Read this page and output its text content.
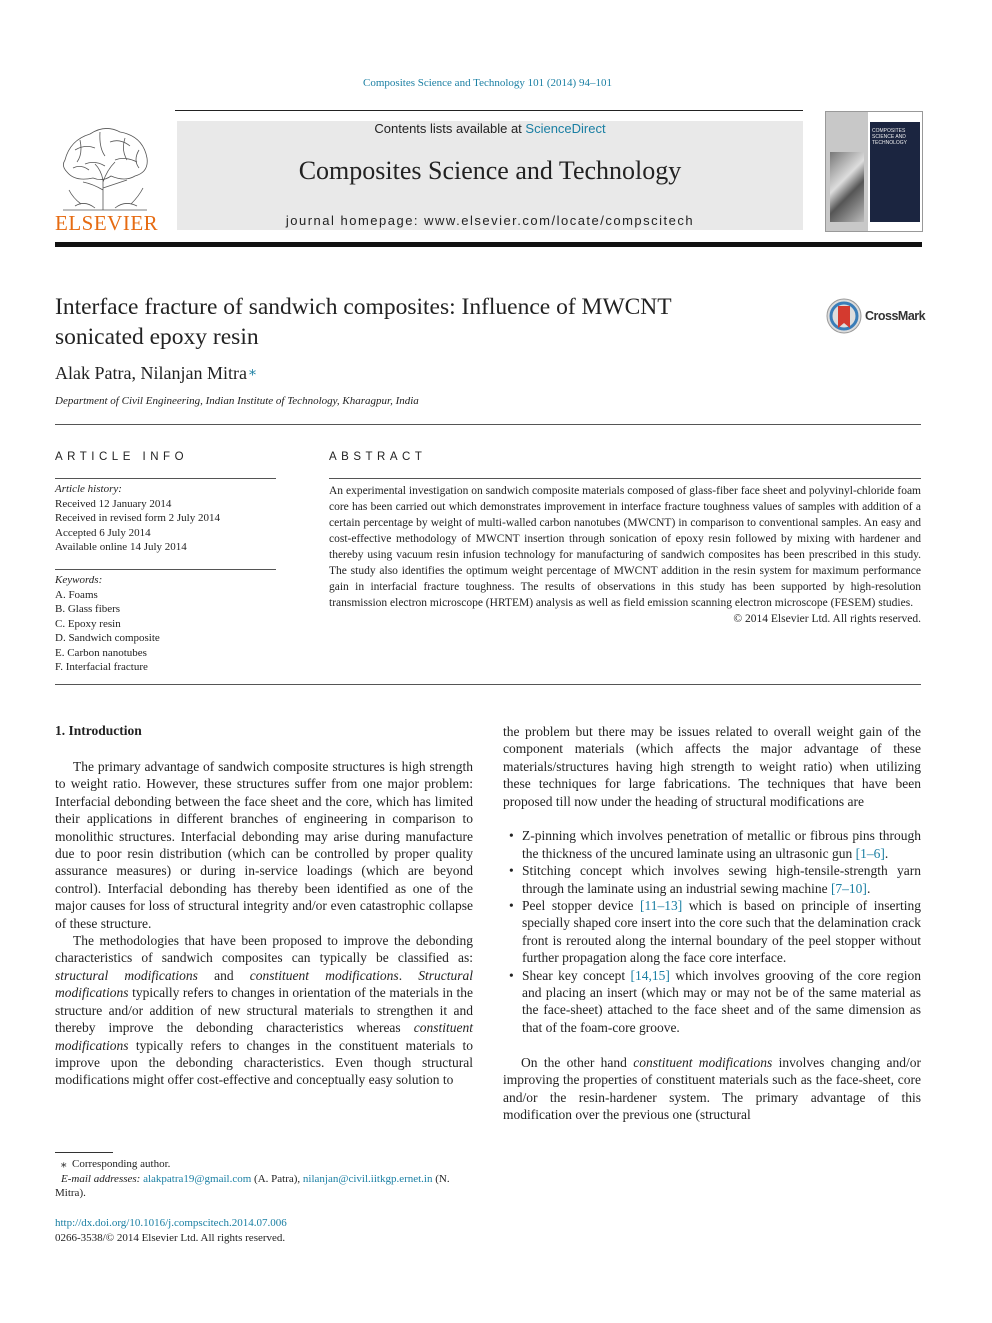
Composites Science and Technology 101 (2014) 94–101
ELSEVIER
Contents lists available at ScienceDirect
Composites Science and Technology
journal homepage: www.elsevier.com/locate/compscitech
COMPOSITES SCIENCE AND TECHNOLOGY
Interface fracture of sandwich composites: Influence of MWCNT
sonicated epoxy resin
CrossMark
Alak Patra, Nilanjan Mitra ⁎
Department of Civil Engineering, Indian Institute of Technology, Kharagpur, India
ARTICLE INFO
Article history:
Received 12 January 2014
Received in revised form 2 July 2014
Accepted 6 July 2014
Available online 14 July 2014
Keywords:
A. Foams
B. Glass fibers
C. Epoxy resin
D. Sandwich composite
E. Carbon nanotubes
F. Interfacial fracture
ABSTRACT
An experimental investigation on sandwich composite materials composed of glass-fiber face sheet and polyvinyl-chloride foam core has been carried out which demonstrates improvement in interface fracture toughness values of samples with addition of a certain percentage by weight of multi-walled carbon nanotubes (MWCNT) in comparison to conventional samples. An easy and cost-effective methodology of MWCNT insertion through sonication of epoxy resin followed by mixing with hardener and thereby using vacuum resin infusion technology for manufacturing of sandwich composites has been prescribed in this study. The study also identifies the optimum weight percentage of MWCNT addition in the resin system for maximum performance gain in interfacial fracture toughness. The results of observations in this study has been supported by high-resolution transmission electron microscope (HRTEM) analysis as well as field emission scanning electron microscope (FESEM) studies.
© 2014 Elsevier Ltd. All rights reserved.
1. Introduction

The primary advantage of sandwich composite structures is high strength to weight ratio. However, these structures suffer from one major problem: Interfacial debonding between the face sheet and the core, which has limited their applications in different branches of engineering in comparison to monolithic structures. Interfacial debonding may arise during manufacture due to poor resin distribution (which can be controlled by proper quality assurance measures) or during in-service loadings (which are beyond control). Interfacial debonding has thereby been identified as one of the major causes for loss of structural integrity and/or even catastrophic collapse of these structure.

The methodologies that have been proposed to improve the debonding characteristics of sandwich composites can typically be classified as: structural modifications and constituent modifications. Structural modifications typically refers to changes in orientation of the materials in the structure and/or addition of new structural materials to strengthen it and thereby improve the debonding characteristics whereas constituent modifications typically refers to changes in the constituent materials to improve upon the debonding characteristics. Even though structural modifications might offer cost-effective and conceptually easy solution to

the problem but there may be issues related to overall weight gain of the component materials (which affects the major advantage of these materials/structures having high strength to weight ratio) when utilizing these techniques for large fabrications. The techniques that have been proposed till now under the heading of structural modifications are

• Z-pinning which involves penetration of metallic or fibrous pins through the thickness of the uncured laminate using an ultrasonic gun [1–6].
• Stitching concept which involves sewing high-tensile-strength yarn through the laminate using an industrial sewing machine [7–10].
• Peel stopper device [11–13] which is based on principle of inserting specially shaped core insert into the core such that the delamination crack front is rerouted along the internal boundary of the peel stopper without further propagation along the face core interface.
• Shear key concept [14,15] which involves grooving of the core region and placing an insert (which may or may not be of the same material as the face-sheet) attached to the face sheet and of the same dimension as that of the foam-core groove.

On the other hand constituent modifications involves changing and/or improving the properties of constituent materials such as the face-sheet, core and/or the resin-hardener system. The primary advantage of this modification over the previous one (structural

⁎ Corresponding author.
E-mail addresses: alakpatra19@gmail.com (A. Patra), nilanjan@civil.iitkgp.ernet.in (N. Mitra).
http://dx.doi.org/10.1016/j.compscitech.2014.07.006
0266-3538/© 2014 Elsevier Ltd. All rights reserved.
